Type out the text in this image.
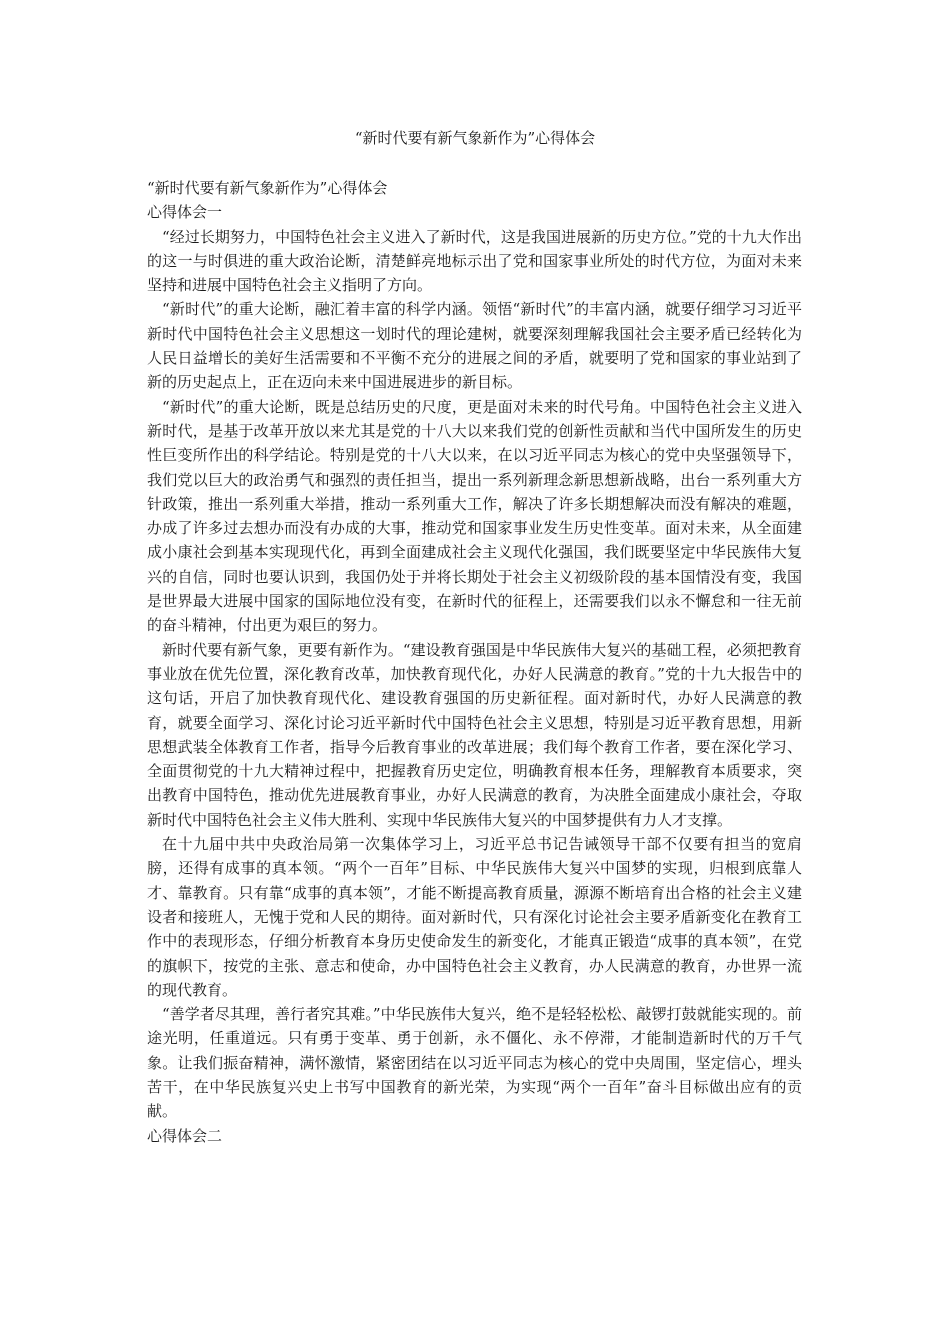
“新时代要有新气象新作为”心得体会
“新时代要有新气象新作为”心得体会
心得体会一

“经过长期努力，中国特色社会主义进入了新时代，这是我国进展新的历史方位。”党的十九大作出的这一与时俱进的重大政治论断，清楚鲜亮地标示出了党和国家事业所处的时代方位，为面对未来坚持和进展中国特色社会主义指明了方向。

“新时代”的重大论断，融汇着丰富的科学内涵。领悟“新时代”的丰富内涵，就要仔细学习习近平新时代中国特色社会主义思想这一划时代的理论建树，就要深刻理解我国社会主要矛盾已经转化为人民日益增长的美好生活需要和不平衡不充分的进展之间的矛盾，就要明了党和国家的事业站到了新的历史起点上，正在迈向未来中国进展进步的新目标。

“新时代”的重大论断，既是总结历史的尺度，更是面对未来的时代号角。中国特色社会主义进入新时代，是基于改革开放以来尤其是党的十八大以来我们党的创新性贡献和当代中国所发生的历史性巨变所作出的科学结论。特别是党的十八大以来，在以习近平同志为核心的党中央坚强领导下，我们党以巨大的政治勇气和强烈的责任担当，提出一系列新理念新思想新战略，出台一系列重大方针政策，推出一系列重大举措，推动一系列重大工作，解决了许多长期想解决而没有解决的难题，办成了许多过去想办而没有办成的大事，推动党和国家事业发生历史性变革。面对未来，从全面建成小康社会到基本实现现代化，再到全面建成社会主义现代化强国，我们既要坚定中华民族伟大复兴的自信，同时也要认识到，我国仍处于并将长期处于社会主义初级阶段的基本国情没有变，我国是世界最大进展中国家的国际地位没有变，在新时代的征程上，还需要我们以永不懈怠和一往无前的奋斗精神，付出更为艰巨的努力。

新时代要有新气象，更要有新作为。“建设教育强国是中华民族伟大复兴的基础工程，必须把教育事业放在优先位置，深化教育改革，加快教育现代化，办好人民满意的教育。”党的十九大报告中的这句话，开启了加快教育现代化、建设教育强国的历史新征程。面对新时代，办好人民满意的教育，就要全面学习、深化讨论习近平新时代中国特色社会主义思想，特别是习近平教育思想，用新思想武装全体教育工作者，指导今后教育事业的改革进展；我们每个教育工作者，要在深化学习、全面贯彻党的十九大精神过程中，把握教育历史定位，明确教育根本任务，理解教育本质要求，突出教育中国特色，推动优先进展教育事业，办好人民满意的教育，为决胜全面建成小康社会，夺取新时代中国特色社会主义伟大胜利、实现中华民族伟大复兴的中国梦提供有力人才支撑。

在十九届中共中央政治局第一次集体学习上，习近平总书记告诫领导干部不仅要有担当的宽肩膀，还得有成事的真本领。“两个一百年”目标、中华民族伟大复兴中国梦的实现，归根到底靠人才、靠教育。只有靠“成事的真本领”，才能不断提高教育质量，源源不断培育出合格的社会主义建设者和接班人，无愧于党和人民的期待。面对新时代，只有深化讨论社会主要矛盾新变化在教育工作中的表现形态，仔细分析教育本身历史使命发生的新变化，才能真正锻造“成事的真本领”，在党的旗帜下，按党的主张、意志和使命，办中国特色社会主义教育，办人民满意的教育，办世界一流的现代教育。

“善学者尽其理，善行者究其难。”中华民族伟大复兴，绝不是轻轻松松、敲锣打鼓就能实现的。前途光明，任重道远。只有勇于变革、勇于创新，永不僵化、永不停滞，才能制造新时代的万千气象。让我们振奋精神，满怀激情，紧密团结在以习近平同志为核心的党中央周围，坚定信心，埋头苦干，在中华民族复兴史上书写中国教育的新光荣，为实现“两个一百年”奋斗目标做出应有的贡献。

心得体会二
